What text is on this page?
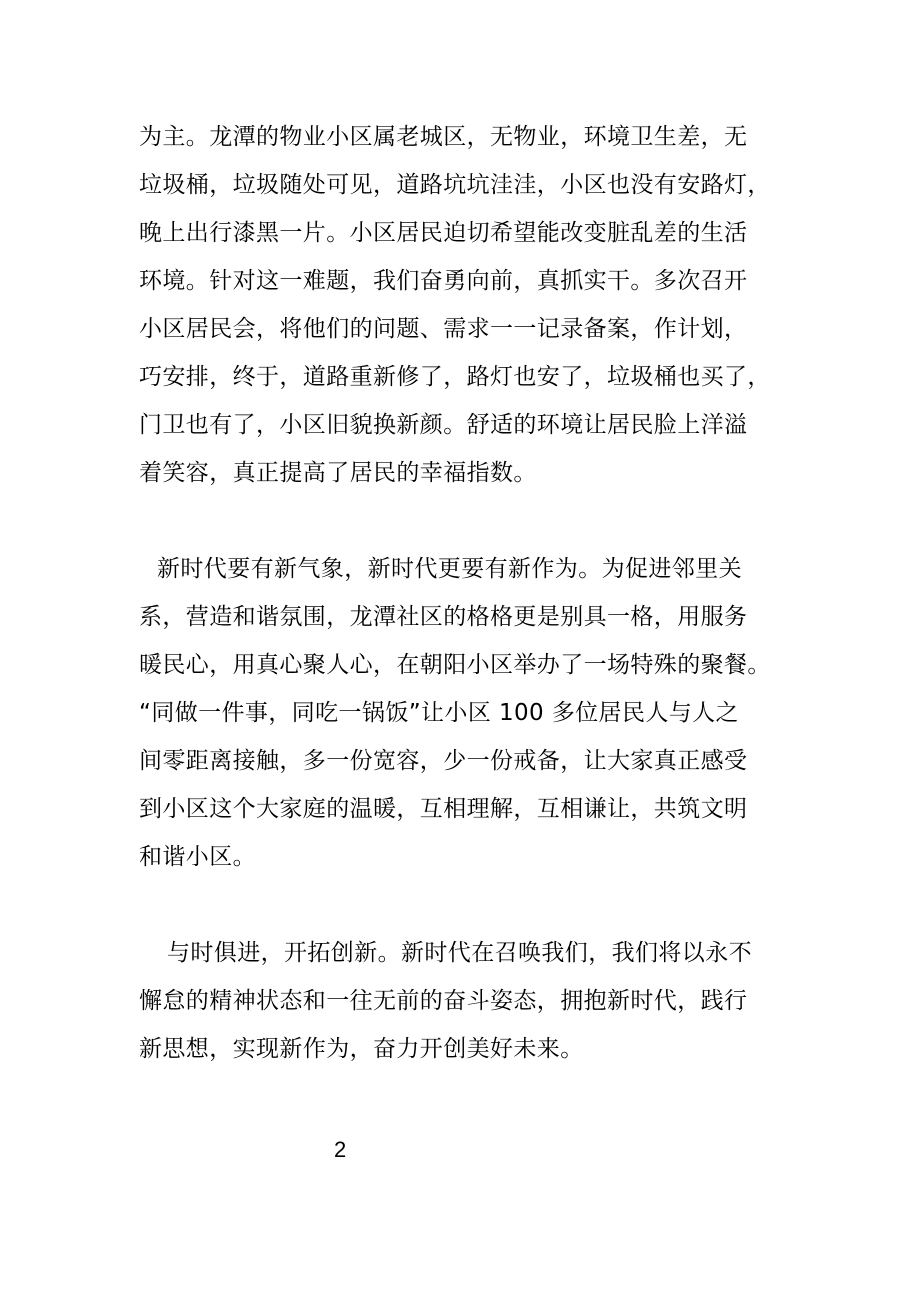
为主。龙潭的物业小区属老城区，无物业，环境卫生差，无
垃圾桶，垃圾随处可见，道路坑坑洼洼，小区也没有安路灯，
晚上出行漆黑一片。小区居民迫切希望能改变脏乱差的生活
环境。针对这一难题，我们奋勇向前，真抓实干。多次召开
小区居民会，将他们的问题、需求一一记录备案，作计划，
巧安排，终于，道路重新修了，路灯也安了，垃圾桶也买了，
门卫也有了，小区旧貌换新颜。舒适的环境让居民脸上洋溢
着笑容，真正提高了居民的幸福指数。
新时代要有新气象，新时代更要有新作为。为促进邻里关
系，营造和谐氛围，龙潭社区的格格更是别具一格，用服务
暖民心，用真心聚人心，在朝阳小区举办了一场特殊的聚餐。
“同做一件事，同吃一锅饭”让小区 100 多位居民人与人之
间零距离接触，多一份宽容，少一份戒备，让大家真正感受
到小区这个大家庭的温暖，互相理解，互相谦让，共筑文明
和谐小区。
与时俱进，开拓创新。新时代在召唤我们，我们将以永不
懈怠的精神状态和一往无前的奋斗姿态，拥抱新时代，践行
新思想，实现新作为，奋力开创美好未来。
2
